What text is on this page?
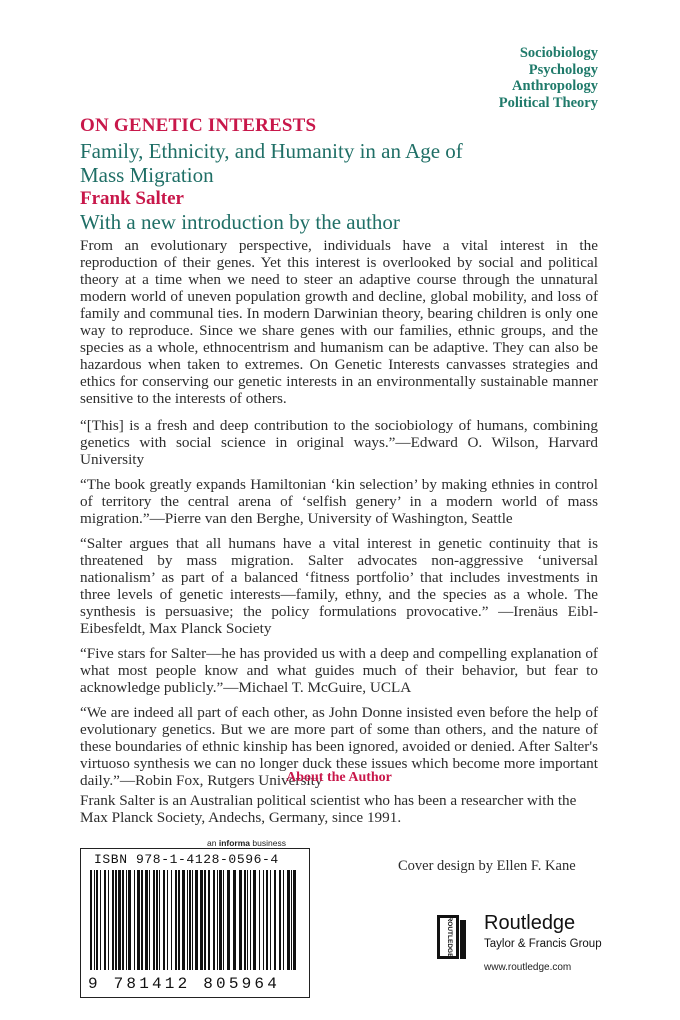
Sociobiology
Psychology
Anthropology
Political Theory
ON GENETIC INTERESTS
Family, Ethnicity, and Humanity in an Age of Mass Migration
Frank Salter
With a new introduction by the author

From an evolutionary perspective, individuals have a vital interest in the reproduction of their genes. Yet this interest is overlooked by social and political theory at a time when we need to steer an adaptive course through the unnatural modern world of uneven population growth and decline, global mobility, and loss of family and communal ties. In modern Darwinian theory, bearing children is only one way to reproduce. Since we share genes with our families, ethnic groups, and the species as a whole, ethnocentrism and humanism can be adaptive. They can also be hazardous when taken to extremes. On Genetic Interests canvasses strategies and ethics for conserving our genetic interests in an environmentally sustainable manner sensitive to the interests of others.

“[This] is a fresh and deep contribution to the sociobiology of humans, combining genetics with social science in original ways.”—Edward O. Wilson, Harvard University

“The book greatly expands Hamiltonian ‘kin selection’ by making ethnies in control of territory the central arena of ‘selfish genery’ in a modern world of mass migration.”—Pierre van den Berghe, University of Washington, Seattle

“Salter argues that all humans have a vital interest in genetic continuity that is threatened by mass migration. Salter advocates non-aggressive ‘universal nationalism’ as part of a balanced ‘fitness portfolio’ that includes investments in three levels of genetic interests—family, ethny, and the species as a whole. The synthesis is persuasive; the policy formulations provocative.” —Irenäus Eibl-Eibesfeldt, Max Planck Society

“Five stars for Salter—he has provided us with a deep and compelling explanation of what most people know and what guides much of their behavior, but fear to acknowledge publicly.”—Michael T. McGuire, UCLA

“We are indeed all part of each other, as John Donne insisted even before the help of evolutionary genetics. But we are more part of some than others, and the nature of these boundaries of ethnic kinship has been ignored, avoided or denied. After Salter's virtuoso synthesis we can no longer duck these issues which become more important daily.”—Robin Fox, Rutgers University

About the Author
Frank Salter is an Australian political scientist who has been a researcher with the Max Planck Society, Andechs, Germany, since 1991.
an informa business
ISBN 978-1-4128-0596-4
9 781412 805964
Cover design by Ellen F. Kane
ROUTLEDGE Routledge
Taylor & Francis Group
www.routledge.com
